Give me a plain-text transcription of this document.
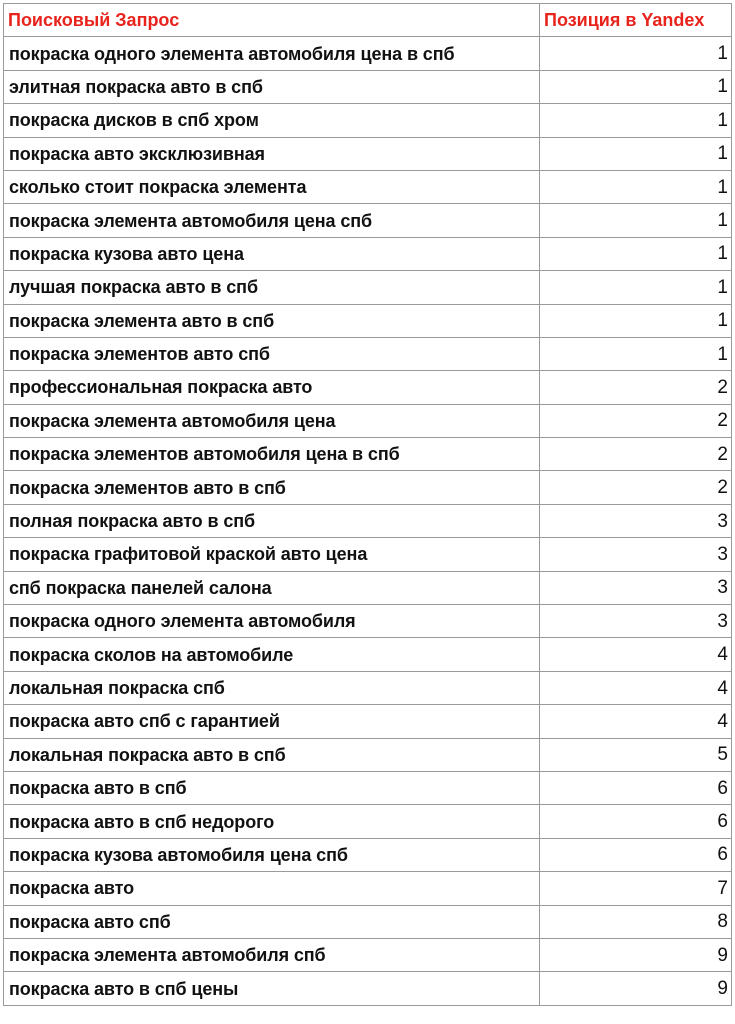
Поисковый Запрос	Позиция в Yandex
покраска одного элемента автомобиля цена в спб	1
элитная покраска авто в спб	1
покраска дисков в спб хром	1
покраска авто эксклюзивная	1
сколько стоит покраска элемента	1
покраска элемента автомобиля цена спб	1
покраска кузова авто цена	1
лучшая покраска авто в спб	1
покраска элемента авто в спб	1
покраска элементов авто спб	1
профессиональная покраска авто	2
покраска элемента автомобиля цена	2
покраска элементов автомобиля цена в спб	2
покраска элементов авто в спб	2
полная покраска авто в спб	3
покраска графитовой краской авто цена	3
спб покраска панелей салона	3
покраска одного элемента автомобиля	3
покраска сколов на автомобиле	4
локальная покраска спб	4
покраска авто спб с гарантией	4
локальная покраска авто в спб	5
покраска авто в спб	6
покраска авто в спб недорого	6
покраска кузова автомобиля цена спб	6
покраска авто	7
покраска авто спб	8
покраска элемента автомобиля спб	9
покраска авто в спб цены	9
